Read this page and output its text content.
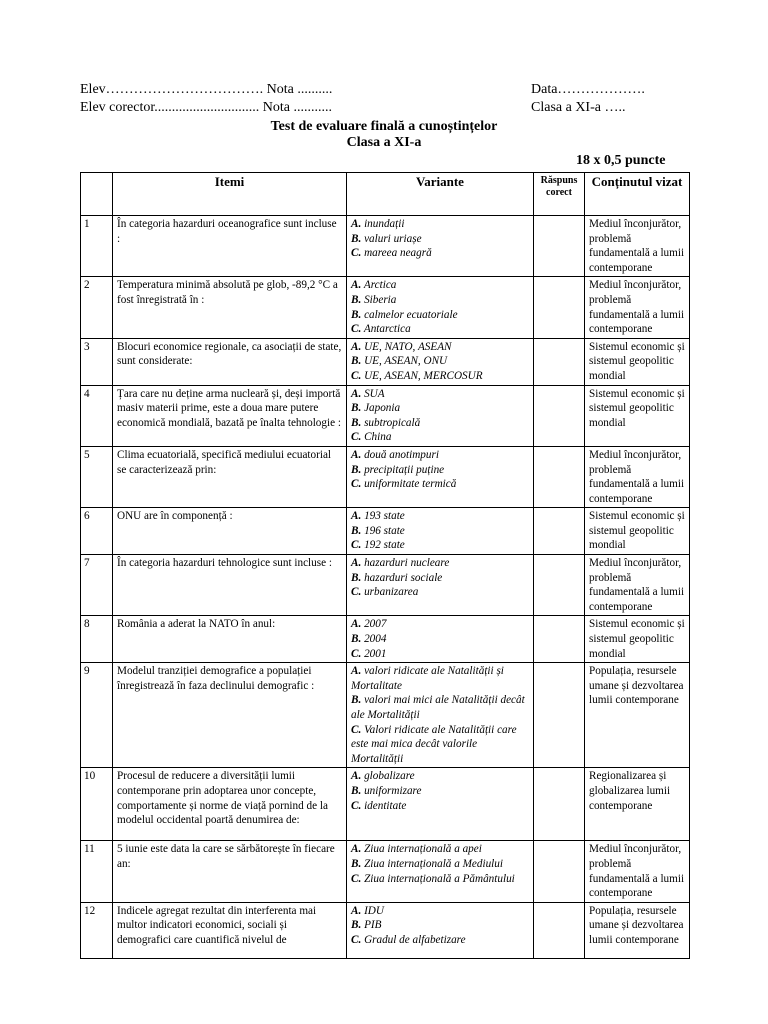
Elev……………………………. Nota ..........	Data……………….
Elev corector.............................. Nota ...........	Clasa a XI-a …..
Test de evaluare finală a cunoștințelor
Clasa a XI-a
18 x 0,5 puncte
	Itemi	Variante	Răspuns corect	Conținutul vizat
1	În categoria hazarduri oceanografice sunt incluse :	A. inundații
B. valuri uriașe
C. mareea neagră		Mediul înconjurător, problemă fundamentală a lumii contemporane
2	Temperatura minimă absolută pe glob, -89,2 °C a fost înregistrată în :	A. Arctica
B. Siberia
B. calmelor ecuatoriale
C. Antarctica		Mediul înconjurător, problemă fundamentală a lumii contemporane
3	Blocuri economice regionale, ca asociații de state, sunt considerate:	A. UE, NATO, ASEAN
B. UE, ASEAN, ONU
C. UE, ASEAN, MERCOSUR		Sistemul economic și sistemul geopolitic mondial
4	Țara care nu deține arma nucleară și, deși importă masiv materii prime, este a doua mare putere economică mondială, bazată pe înalta tehnologie :	A. SUA
B. Japonia
B. subtropicală
C. China		Sistemul economic și sistemul geopolitic mondial
5	Clima ecuatorială, specifică mediului ecuatorial se caracterizează prin:	A. două anotimpuri
B. precipitații puține
C. uniformitate termică		Mediul înconjurător, problemă fundamentală a lumii contemporane
6	ONU are în componență :	A. 193 state
B. 196 state
C. 192 state		Sistemul economic și sistemul geopolitic mondial
7	În categoria hazarduri tehnologice sunt incluse :	A. hazarduri nucleare
B. hazarduri sociale
C. urbanizarea		Mediul înconjurător, problemă fundamentală a lumii contemporane
8	România a aderat la NATO în anul:	A. 2007
B. 2004
C. 2001		Sistemul economic și sistemul geopolitic mondial
9	Modelul tranziției demografice a populației înregistrează în faza declinului demografic :	A. valori ridicate ale Natalității și Mortalitate
B. valori mai mici ale Natalității decât ale Mortalității
C. Valori ridicate ale Natalității care este mai mica decât valorile Mortalității		Populația, resursele umane și dezvoltarea lumii contemporane
10	Procesul de reducere a diversității lumii contemporane prin adoptarea unor concepte, comportamente și norme de viață pornind de la modelul occidental poartă denumirea de:	A. globalizare
B. uniformizare
C. identitate		Regionalizarea și globalizarea lumii contemporane
11	5 iunie este data la care se sărbătorește în fiecare an:	A. Ziua internațională a apei
B. Ziua internațională a Mediului
C. Ziua internațională a Pământului		Mediul înconjurător, problemă fundamentală a lumii contemporane
12	Indicele agregat rezultat din interferenta mai multor indicatori economici, sociali și demografici care cuantifică nivelul de	A. IDU
B. PIB
C. Gradul de alfabetizare		Populația, resursele umane și dezvoltarea lumii contemporane
